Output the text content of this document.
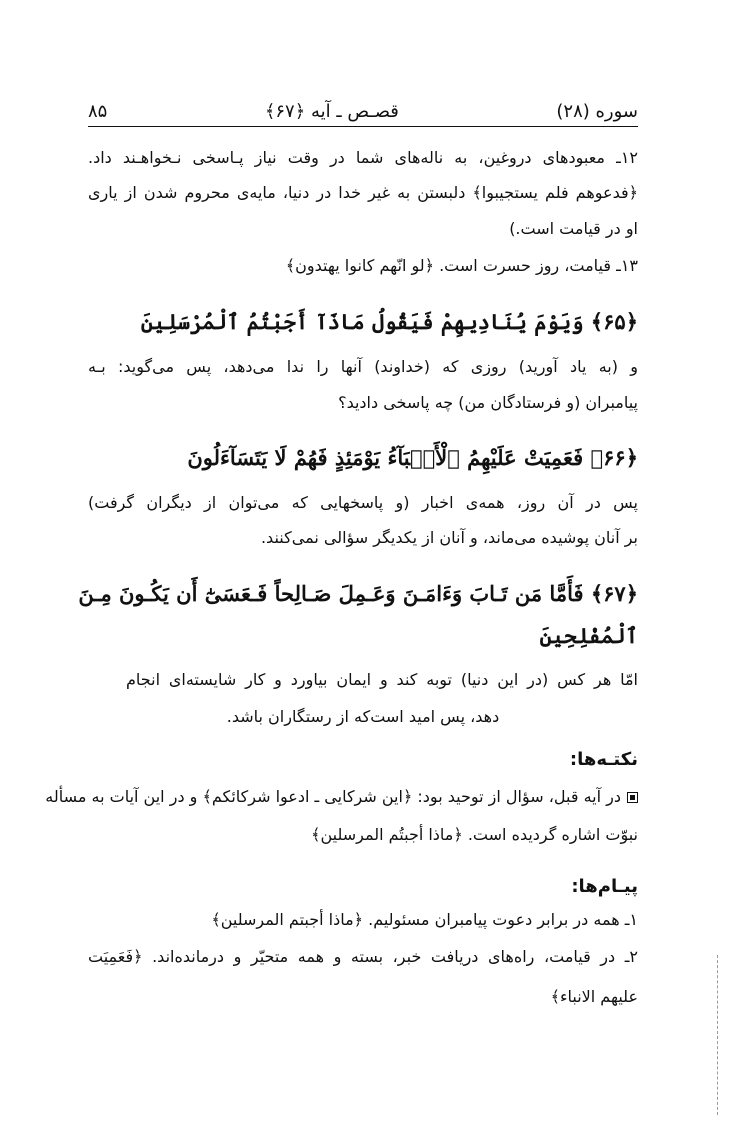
سوره (۲۸)
قصـص ـ آیه ﴿۶۷﴾
۸۵
۱۲ـ معبودهای دروغین، به ناله‌های شما در وقت نیاز پـاسخی نـخواهـند داد.
﴿فدعوهم فلم یستجیبوا﴾ دلبستن به غیر خدا در دنیا، مایه‌ی محروم شدن از یاری
او در قیامت است.)
۱۳ـ قیامت، روز حسرت است. ﴿لو انّهم کانوا یهتدون﴾
﴿۶۵﴾ وَيَوْمَ يُنَادِيهِمْ فَيَقُولُ مَاذَآ أَجَبْتُمُ ٱلْمُرْسَلِينَ
و (به یاد آورید) روزی که (خداوند) آنها را ندا می‌دهد، پس می‌گوید: بـه
پیامبران (و فرستادگان من) چه پاسخی دادید؟
﴿۶۶﴾ فَعَمِيَتْ عَلَيْهِمُ ٱلْأَنۢبَآءُ يَوْمَئِذٍ فَهُمْ لَا يَتَسَآءَلُونَ
پس در آن روز، همه‌ی اخبار (و پاسخهایی که می‌توان از دیگران گرفت)
بر آنان پوشیده می‌ماند، و آنان از یکدیگر سؤالی نمی‌کنند.
﴿۶۷﴾ فَأَمَّا مَن تَـابَ وَءَامَـنَ وَعَـمِلَ صَـالِحاً فَـعَسَىٰٓ أَن يَكُـونَ مِـنَ
ٱلْمُفْلِحِينَ
امّا هر کس (در این دنیا) توبه کند و ایمان بیاورد و کار شایسته‌ای انجام
دهد، پس امید است‌که از رستگاران باشد.
نکتـه‌ها:
در آیه قبل، سؤال از توحید بود: ﴿این شرکایی ـ ادعوا شرکائکم﴾ و در این آیات به مسأله
نبوّت اشاره گردیده است. ﴿ماذا أجبتُم المرسلین﴾
پیـام‌ها:
۱ـ همه در برابر دعوت پیامبران مسئولیم. ﴿ماذا أجبتم المرسلین﴾
۲ـ در قیامت، راه‌های دریافت خبر، بسته و همه متحیّر و درمانده‌اند. ﴿فَعَمِیَت
علیهم الانباء﴾
